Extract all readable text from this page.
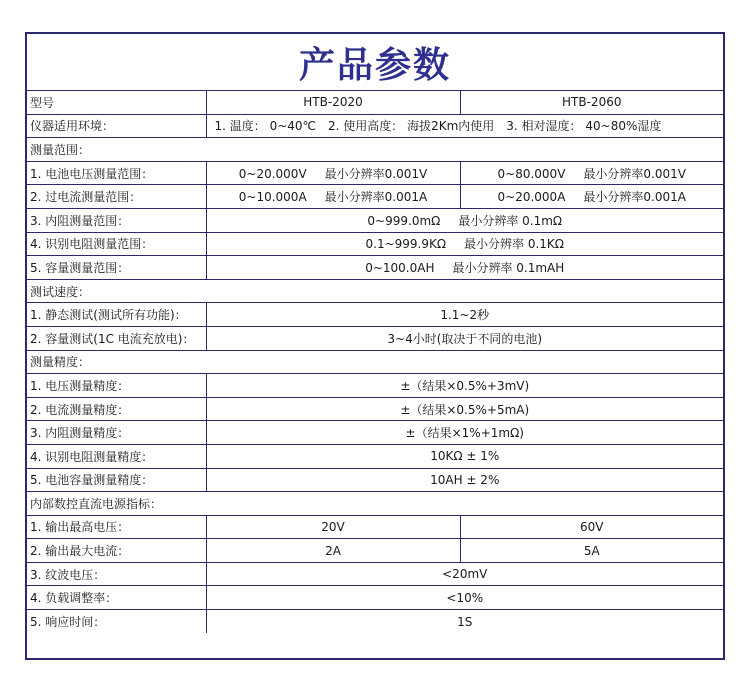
产品参数
型号	HTB-2020	HTB-2060
仪器适用环境：	1. 温度： 0~40℃ 2. 使用高度： 海拔2Km内使用 3. 相对湿度： 40~80%湿度	
测量范围：		
1. 电池电压测量范围：	0~20.000V 最小分辨率0.001V	0~80.000V 最小分辨率0.001V
2. 过电流测量范围：	0~10.000A 最小分辨率0.001A	0~20.000A 最小分辨率0.001A
3. 内阻测量范围：	0~999.0mΩ 最小分辨率 0.1mΩ	
4. 识别电阻测量范围：	0.1~999.9KΩ 最小分辨率 0.1KΩ	
5. 容量测量范围：	0~100.0AH 最小分辨率 0.1mAH	
测试速度：		
1. 静态测试(测试所有功能)：	1.1~2秒	
2. 容量测试(1C 电流充放电)：	3~4小时(取决于不同的电池)	
测量精度：		
1. 电压测量精度：	±（结果×0.5%+3mV)	
2. 电流测量精度：	±（结果×0.5%+5mA)	
3. 内阻测量精度：	±（结果×1%+1mΩ)	
4. 识别电阻测量精度：	10KΩ ± 1%	
5. 电池容量测量精度：	10AH ± 2%	
内部数控直流电源指标：		
1. 输出最高电压：	20V	60V
2. 输出最大电流：	2A	5A
3. 纹波电压：	<20mV	
4. 负载调整率：	<10%	
5. 响应时间：	1S	
